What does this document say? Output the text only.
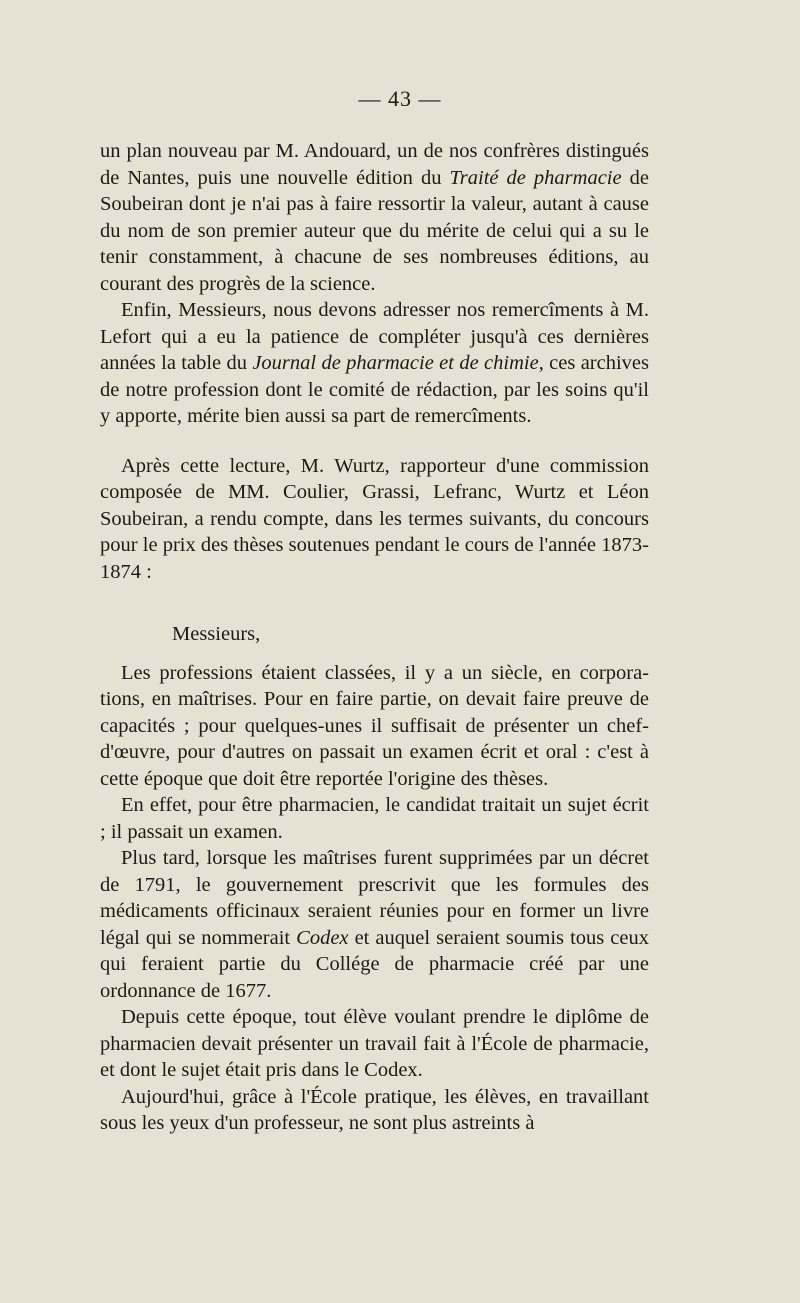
— 43 —

un plan nouveau par M. Andouard, un de nos confrères distingués de Nantes, puis une nouvelle édition du Traité de pharmacie de Soubeiran dont je n'ai pas à faire ressortir la valeur, autant à cause du nom de son premier auteur que du mérite de celui qui a su le tenir constamment, à chacune de ses nombreuses éditions, au courant des progrès de la science.

Enfin, Messieurs, nous devons adresser nos remercîments à M. Lefort qui a eu la patience de compléter jusqu'à ces dernières années la table du Journal de pharmacie et de chimie, ces archives de notre profession dont le comité de rédaction, par les soins qu'il y apporte, mérite bien aussi sa part de remercîments.

Après cette lecture, M. Wurtz, rapporteur d'une commission composée de MM. Coulier, Grassi, Lefranc, Wurtz et Léon Soubeiran, a rendu compte, dans les termes suivants, du concours pour le prix des thèses soutenues pendant le cours de l'année 1873-1874 :

Messieurs,

Les professions étaient classées, il y a un siècle, en corporations, en maîtrises. Pour en faire partie, on devait faire preuve de capacités ; pour quelques-unes il suffisait de présenter un chef-d'œuvre, pour d'autres on passait un examen écrit et oral : c'est à cette époque que doit être reportée l'origine des thèses.

En effet, pour être pharmacien, le candidat traitait un sujet écrit ; il passait un examen.

Plus tard, lorsque les maîtrises furent supprimées par un décret de 1791, le gouvernement prescrivit que les formules des médicaments officinaux seraient réunies pour en former un livre légal qui se nommerait Codex et auquel seraient soumis tous ceux qui feraient partie du Collége de pharmacie créé par une ordonnance de 1677.

Depuis cette époque, tout élève voulant prendre le diplôme de pharmacien devait présenter un travail fait à l'École de pharmacie, et dont le sujet était pris dans le Codex.

Aujourd'hui, grâce à l'École pratique, les élèves, en travaillant sous les yeux d'un professeur, ne sont plus astreints à
